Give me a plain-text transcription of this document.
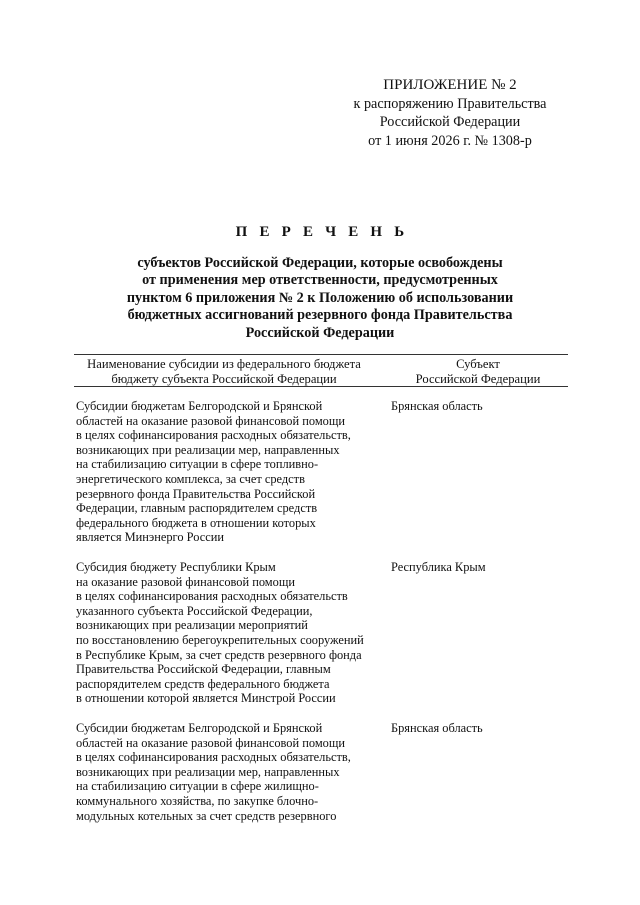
ПРИЛОЖЕНИЕ № 2
к распоряжению Правительства
Российской Федерации
от 1 июня 2026 г. № 1308-р
П Е Р Е Ч Е Н Ь
субъектов Российской Федерации, которые освобождены
от применения мер ответственности, предусмотренных
пунктом 6 приложения № 2 к Положению об использовании
бюджетных ассигнований резервного фонда Правительства
Российской Федерации
Наименование субсидии из федерального бюджета
бюджету субъекта Российской Федерации
Субъект
Российской Федерации
Субсидии бюджетам Белгородской и Брянской
областей на оказание разовой финансовой помощи
в целях софинансирования расходных обязательств,
возникающих при реализации мер, направленных
на стабилизацию ситуации в сфере топливно-
энергетического комплекса, за счет средств
резервного фонда Правительства Российской
Федерации, главным распорядителем средств
федерального бюджета в отношении которых
является Минэнерго России
Брянская область
Субсидия бюджету Республики Крым
на оказание разовой финансовой помощи
в целях софинансирования расходных обязательств
указанного субъекта Российской Федерации,
возникающих при реализации мероприятий
по восстановлению берегоукрепительных сооружений
в Республике Крым, за счет средств резервного фонда
Правительства Российской Федерации, главным
распорядителем средств федерального бюджета
в отношении которой является Минстрой России
Республика Крым
Субсидии бюджетам Белгородской и Брянской
областей на оказание разовой финансовой помощи
в целях софинансирования расходных обязательств,
возникающих при реализации мер, направленных
на стабилизацию ситуации в сфере жилищно-
коммунального хозяйства, по закупке блочно-
модульных котельных за счет средств резервного
Брянская область
